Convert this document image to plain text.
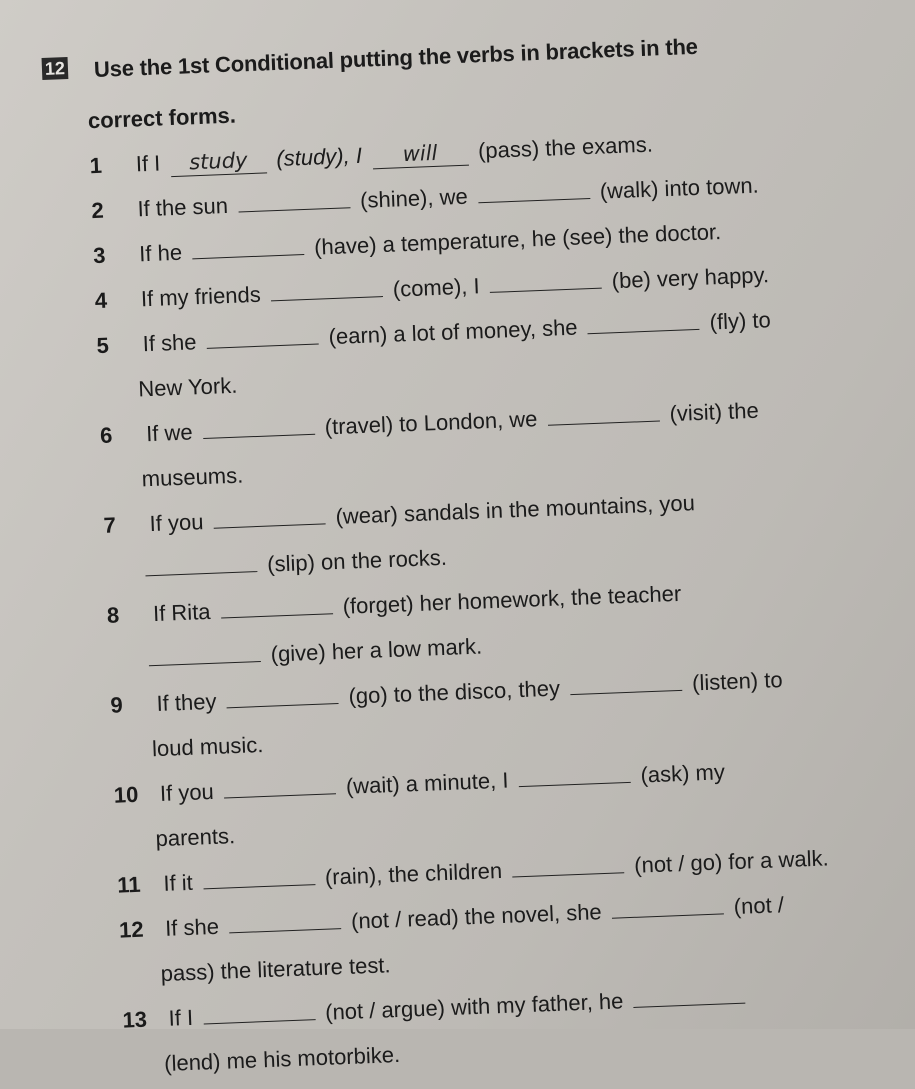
12 Use the 1st Conditional putting the verbs in brackets in the
correct forms.
1 If I study (study), I will (pass) the exams.
2 If the sun	(shine), we	(walk) into town.
3 If he	(have) a temperature, he (see) the doctor.
4 If my friends	(come), I	(be) very happy.
5 If she	(earn) a lot of money, she	(fly) to
New York.
6 If we	(travel) to London, we	(visit) the
museums.
7 If you	(wear) sandals in the mountains, you
(slip) on the rocks.
8 If Rita	(forget) her homework, the teacher
(give) her a low mark.
9 If they	(go) to the disco, they	(listen) to
loud music.
10 If you	(wait) a minute, I	(ask) my
parents.
11 If it	(rain), the children	(not / go) for a walk.
12 If she	(not / read) the novel, she	(not /
pass) the literature test.
13 If I	(not / argue) with my father, he
(lend) me his motorbike.
